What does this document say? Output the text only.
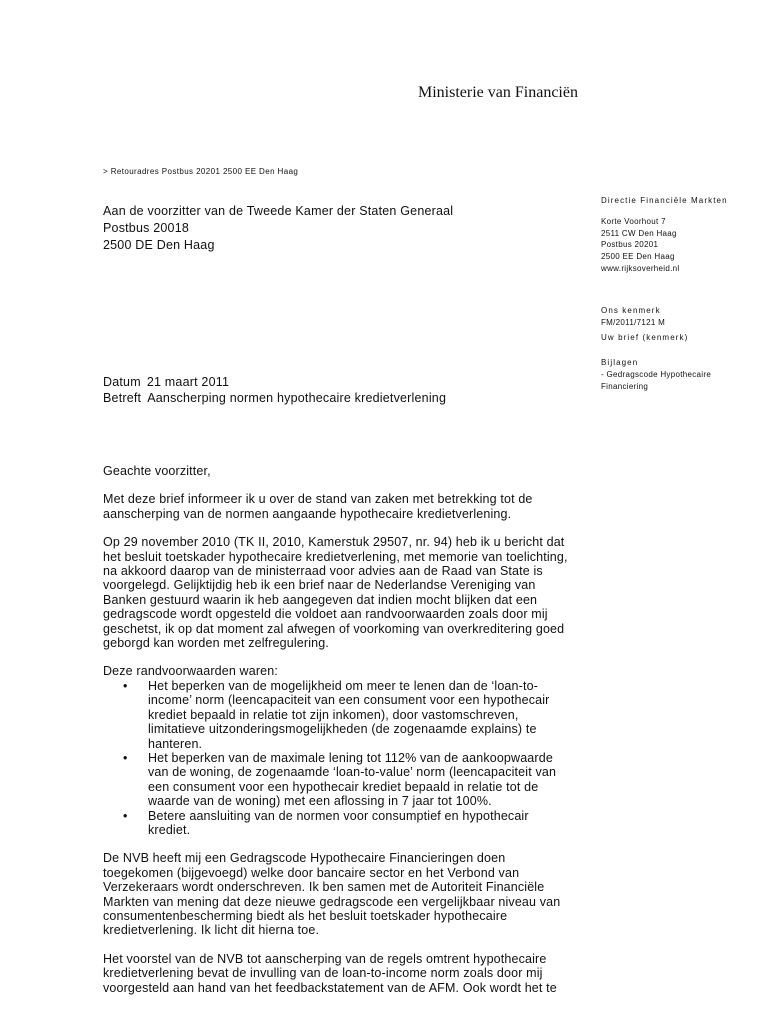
Ministerie van Financiën
> Retouradres Postbus 20201 2500 EE Den Haag
Aan de voorzitter van de Tweede Kamer der Staten Generaal
Postbus 20018
2500 DE Den Haag
Directie Financiële Markten
Korte Voorhout 7
2511 CW Den Haag
Postbus 20201
2500 EE Den Haag
www.rijksoverheid.nl
Ons kenmerk
FM/2011/7121 M
Uw brief (kenmerk)
Bijlagen
- Gedragscode Hypothecaire
Financiering
Datum 21 maart 2011
Betreft Aanscherping normen hypothecaire kredietverlening

Geachte voorzitter,

Met deze brief informeer ik u over de stand van zaken met betrekking tot de aanscherping van de normen aangaande hypothecaire kredietverlening.

Op 29 november 2010 (TK II, 2010, Kamerstuk 29507, nr. 94) heb ik u bericht dat het besluit toetskader hypothecaire kredietverlening, met memorie van toelichting, na akkoord daarop van de ministerraad voor advies aan de Raad van State is voorgelegd. Gelijktijdig heb ik een brief naar de Nederlandse Vereniging van Banken gestuurd waarin ik heb aangegeven dat indien mocht blijken dat een gedragscode wordt opgesteld die voldoet aan randvoorwaarden zoals door mij geschetst, ik op dat moment zal afwegen of voorkoming van overkreditering goed geborgd kan worden met zelfregulering.

Deze randvoorwaarden waren:

• Het beperken van de mogelijkheid om meer te lenen dan de ‘loan-to-income’ norm (leencapaciteit van een consument voor een hypothecair krediet bepaald in relatie tot zijn inkomen), door vastomschreven, limitatieve uitzonderingsmogelijkheden (de zogenaamde explains) te hanteren.
• Het beperken van de maximale lening tot 112% van de aankoopwaarde van de woning, de zogenaamde ‘loan-to-value’ norm (leencapaciteit van een consument voor een hypothecair krediet bepaald in relatie tot de waarde van de woning) met een aflossing in 7 jaar tot 100%.
• Betere aansluiting van de normen voor consumptief en hypothecair krediet.

De NVB heeft mij een Gedragscode Hypothecaire Financieringen doen toegekomen (bijgevoegd) welke door bancaire sector en het Verbond van Verzekeraars wordt onderschreven. Ik ben samen met de Autoriteit Financiële Markten van mening dat deze nieuwe gedragscode een vergelijkbaar niveau van consumentenbescherming biedt als het besluit toetskader hypothecaire kredietverlening. Ik licht dit hierna toe.

Het voorstel van de NVB tot aanscherping van de regels omtrent hypothecaire kredietverlening bevat de invulling van de loan-to-income norm zoals door mij voorgesteld aan hand van het feedbackstatement van de AFM. Ook wordt het te
